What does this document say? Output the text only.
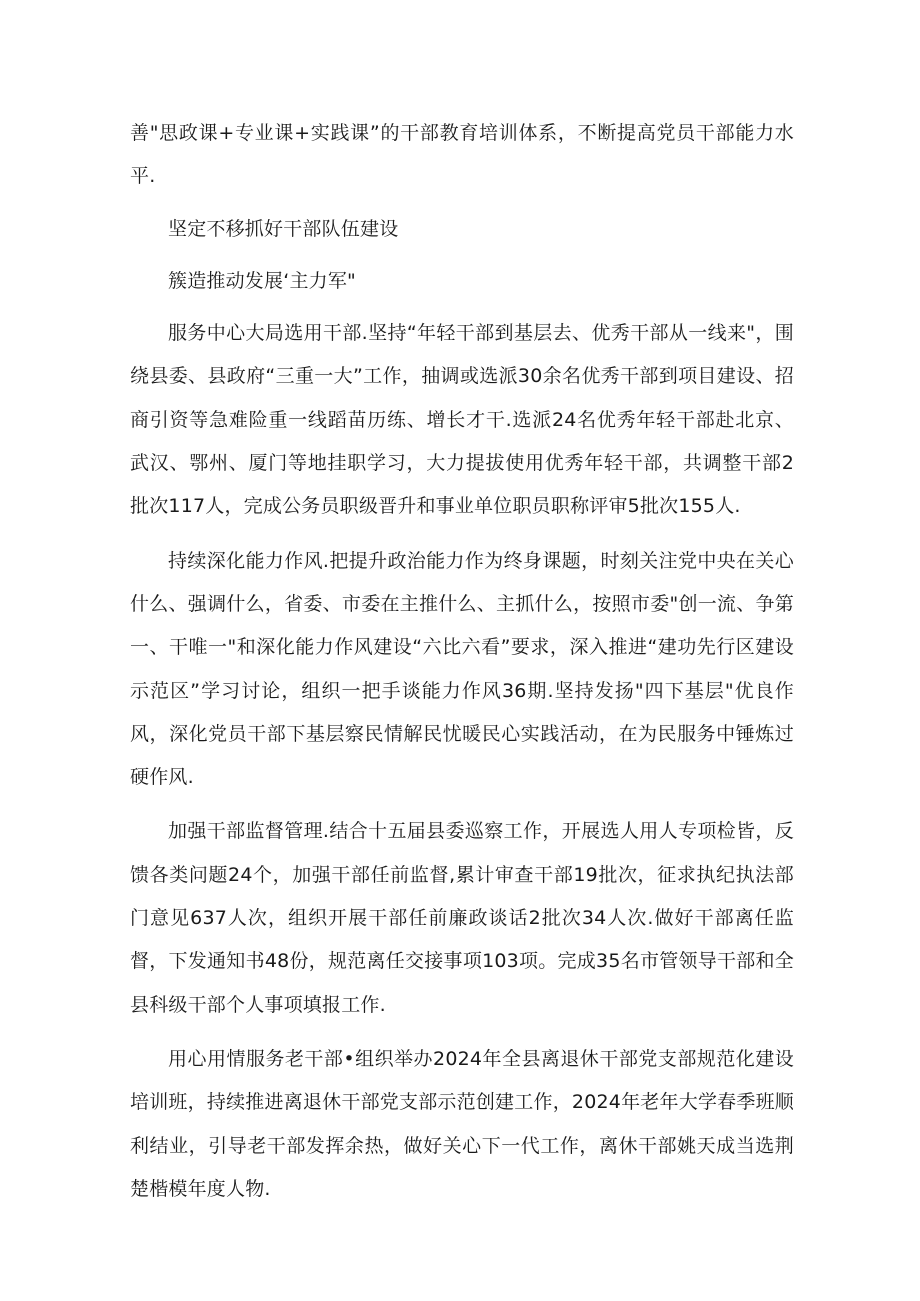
善"思政课+专业课+实践课”的干部教育培训体系，不断提高党员干部能力水平.

坚定不移抓好干部队伍建设

簇造推动发展‘主力军"

服务中心大局选用干部.坚持“年轻干部到基层去、优秀干部从一线来"，围绕县委、县政府“三重一大”工作，抽调或选派30余名优秀干部到项目建设、招商引资等急难险重一线蹈苗历练、增长才干.选派24名优秀年轻干部赴北京、武汉、鄂州、厦门等地挂职学习，大力提拔使用优秀年轻干部，共调整干部2批次117人，完成公务员职级晋升和事业单位职员职称评审5批次155人.

持续深化能力作风.把提升政治能力作为终身课题，时刻关注党中央在关心什么、强调什么，省委、市委在主推什么、主抓什么，按照市委"创一流、争第一、干唯一"和深化能力作风建设“六比六看”要求，深入推进“建功先行区建设示范区”学习讨论，组织一把手谈能力作风36期.坚持发扬"四下基层"优良作风，深化党员干部下基层察民情解民忧暖民心实践活动，在为民服务中锤炼过硬作风.

加强干部监督管理.结合十五届县委巡察工作，开展选人用人专项检皆，反馈各类问题24个，加强干部任前监督,累计审查干部19批次，征求执纪执法部门意见637人次，组织开展干部任前廉政谈话2批次34人次.做好干部离任监督，下发通知书48份，规范离任交接事项103项。完成35名市管领导干部和全县科级干部个人事项填报工作.

用心用情服务老干部•组织举办2024年全县离退休干部党支部规范化建设培训班，持续推进离退休干部党支部示范创建工作，2024年老年大学春季班顺利结业，引导老干部发挥余热，做好关心下一代工作，离休干部姚天成当选荆楚楷模年度人物.
